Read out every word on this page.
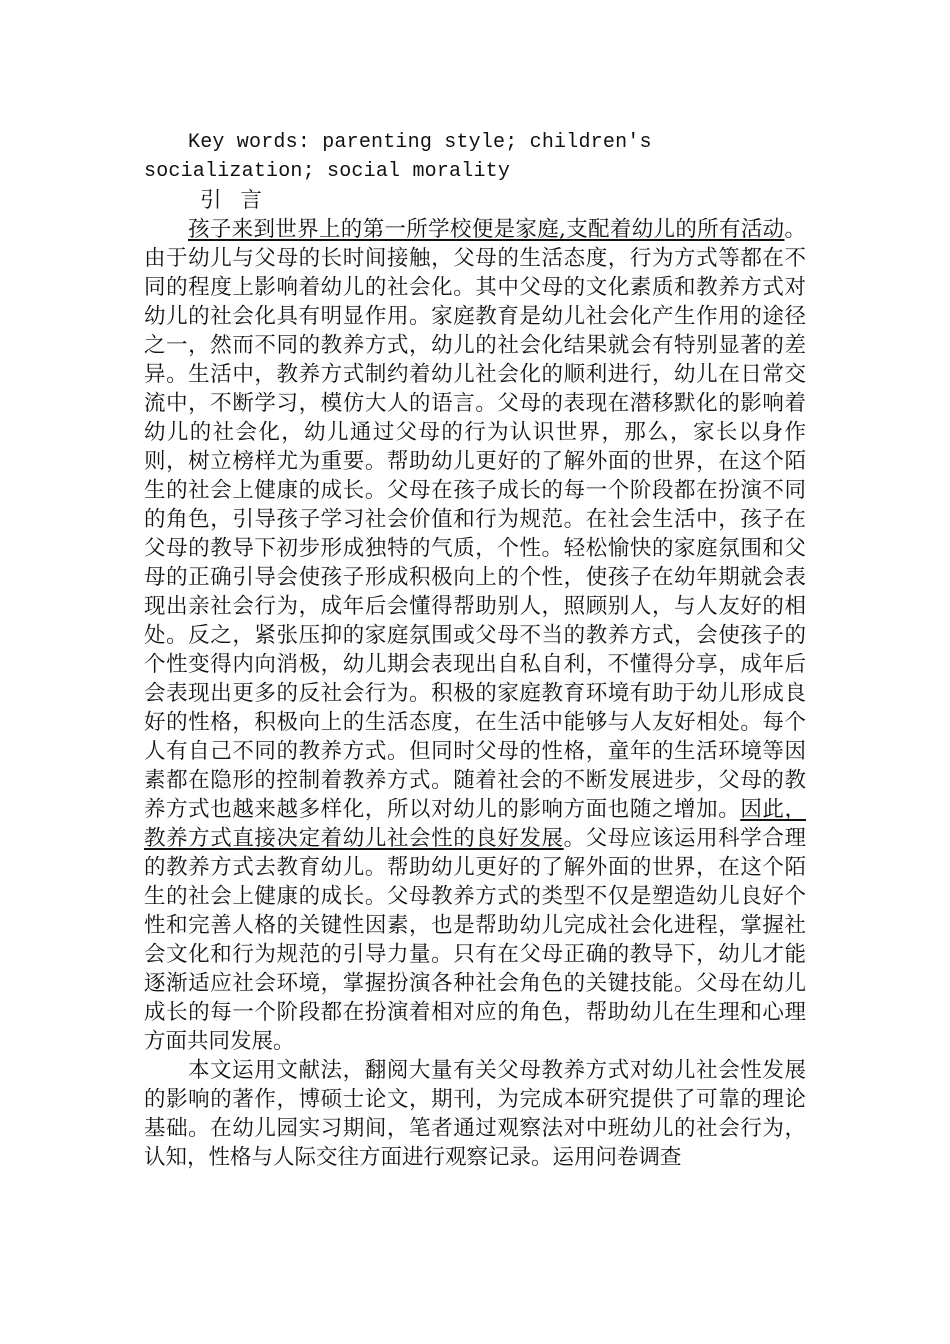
Key words: parenting style; children's socialization; social morality

引 言

孩子来到世界上的第一所学校便是家庭,支配着幼儿的所有活动。由于幼儿与父母的长时间接触，父母的生活态度，行为方式等都在不同的程度上影响着幼儿的社会化。其中父母的文化素质和教养方式对幼儿的社会化具有明显作用。家庭教育是幼儿社会化产生作用的途径之一，然而不同的教养方式，幼儿的社会化结果就会有特别显著的差异。生活中，教养方式制约着幼儿社会化的顺利进行，幼儿在日常交流中，不断学习，模仿大人的语言。父母的表现在潜移默化的影响着幼儿的社会化，幼儿通过父母的行为认识世界，那么，家长以身作则，树立榜样尤为重要。帮助幼儿更好的了解外面的世界，在这个陌生的社会上健康的成长。父母在孩子成长的每一个阶段都在扮演不同的角色，引导孩子学习社会价值和行为规范。在社会生活中，孩子在父母的教导下初步形成独特的气质，个性。轻松愉快的家庭氛围和父母的正确引导会使孩子形成积极向上的个性，使孩子在幼年期就会表现出亲社会行为，成年后会懂得帮助别人，照顾别人，与人友好的相处。反之，紧张压抑的家庭氛围或父母不当的教养方式，会使孩子的个性变得内向消极，幼儿期会表现出自私自利，不懂得分享，成年后会表现出更多的反社会行为。积极的家庭教育环境有助于幼儿形成良好的性格，积极向上的生活态度，在生活中能够与人友好相处。每个人有自己不同的教养方式。但同时父母的性格，童年的生活环境等因素都在隐形的控制着教养方式。随着社会的不断发展进步，父母的教养方式也越来越多样化，所以对幼儿的影响方面也随之增加。因此，教养方式直接决定着幼儿社会性的良好发展。父母应该运用科学合理的教养方式去教育幼儿。帮助幼儿更好的了解外面的世界，在这个陌生的社会上健康的成长。父母教养方式的类型不仅是塑造幼儿良好个性和完善人格的关键性因素，也是帮助幼儿完成社会化进程，掌握社会文化和行为规范的引导力量。只有在父母正确的教导下，幼儿才能逐渐适应社会环境，掌握扮演各种社会角色的关键技能。父母在幼儿成长的每一个阶段都在扮演着相对应的角色，帮助幼儿在生理和心理方面共同发展。

本文运用文献法，翻阅大量有关父母教养方式对幼儿社会性发展的影响的著作，博硕士论文，期刊，为完成本研究提供了可靠的理论基础。在幼儿园实习期间，笔者通过观察法对中班幼儿的社会行为，认知，性格与人际交往方面进行观察记录。运用问卷调查
